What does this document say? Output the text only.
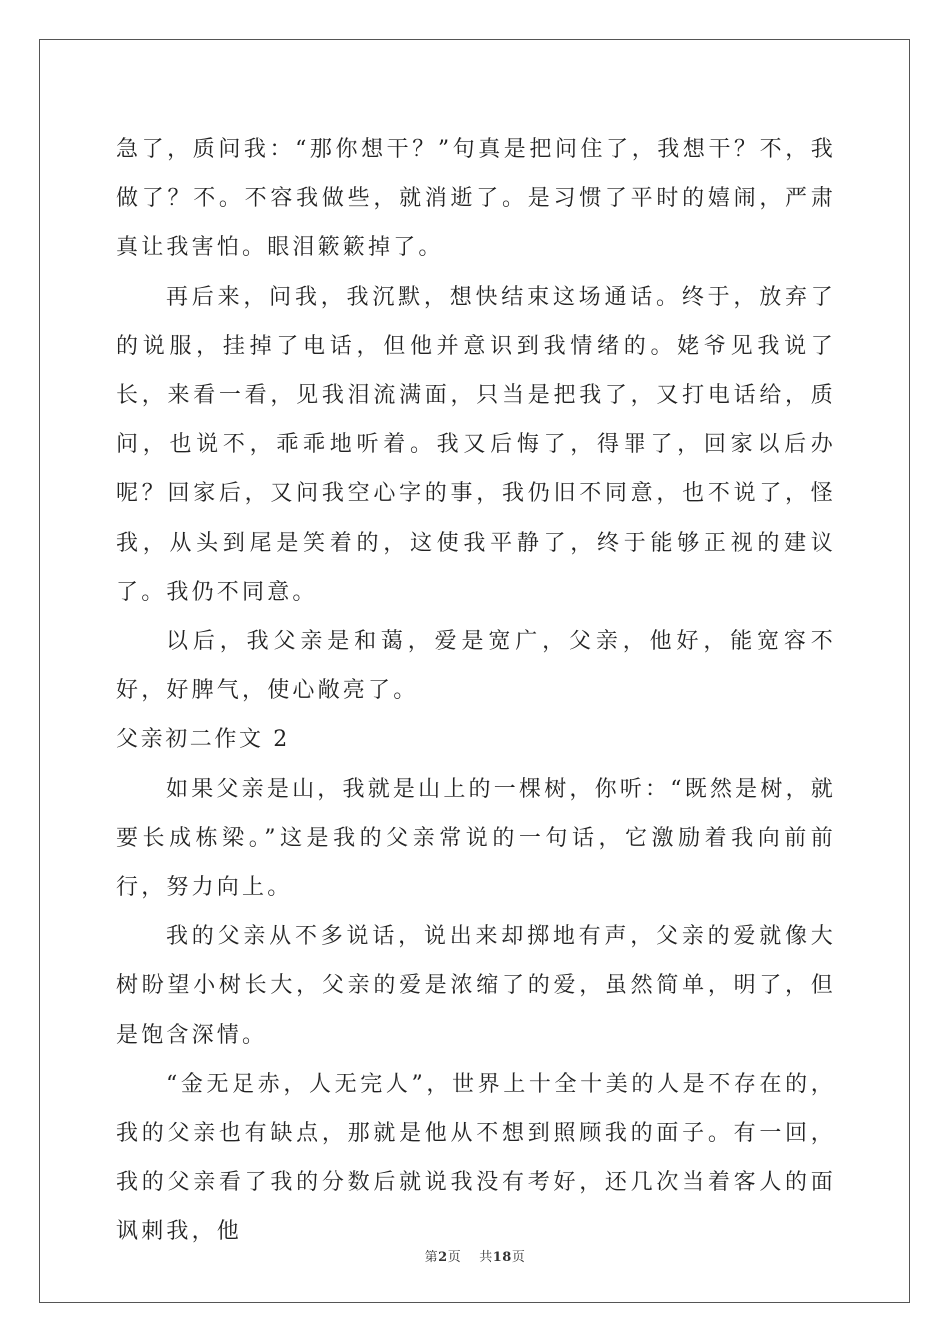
急了，质问我：“那你想干？”句真是把问住了，我想干？不，我做了？不。不容我做些，就消逝了。是习惯了平时的嬉闹，严肃真让我害怕。眼泪簌簌掉了。

再后来，问我，我沉默，想快结束这场通话。终于，放弃了的说服，挂掉了电话，但他并意识到我情绪的。姥爷见我说了长，来看一看，见我泪流满面，只当是把我了，又打电话给，质问，也说不，乖乖地听着。我又后悔了，得罪了，回家以后办呢？回家后，又问我空心字的事，我仍旧不同意，也不说了，怪我，从头到尾是笑着的，这使我平静了，终于能够正视的建议了。我仍不同意。

以后，我父亲是和蔼，爱是宽广，父亲，他好，能宽容不好，好脾气，使心敞亮了。

父亲初二作文 2

如果父亲是山，我就是山上的一棵树，你听：“既然是树，就要长成栋梁。”这是我的父亲常说的一句话，它激励着我向前前行，努力向上。

我的父亲从不多说话，说出来却掷地有声，父亲的爱就像大树盼望小树长大，父亲的爱是浓缩了的爱，虽然简单，明了，但是饱含深情。

“金无足赤，人无完人”，世界上十全十美的人是不存在的，我的父亲也有缺点，那就是他从不想到照顾我的面子。有一回，我的父亲看了我的分数后就说我没有考好，还几次当着客人的面讽刺我，他

第2页 共18页
